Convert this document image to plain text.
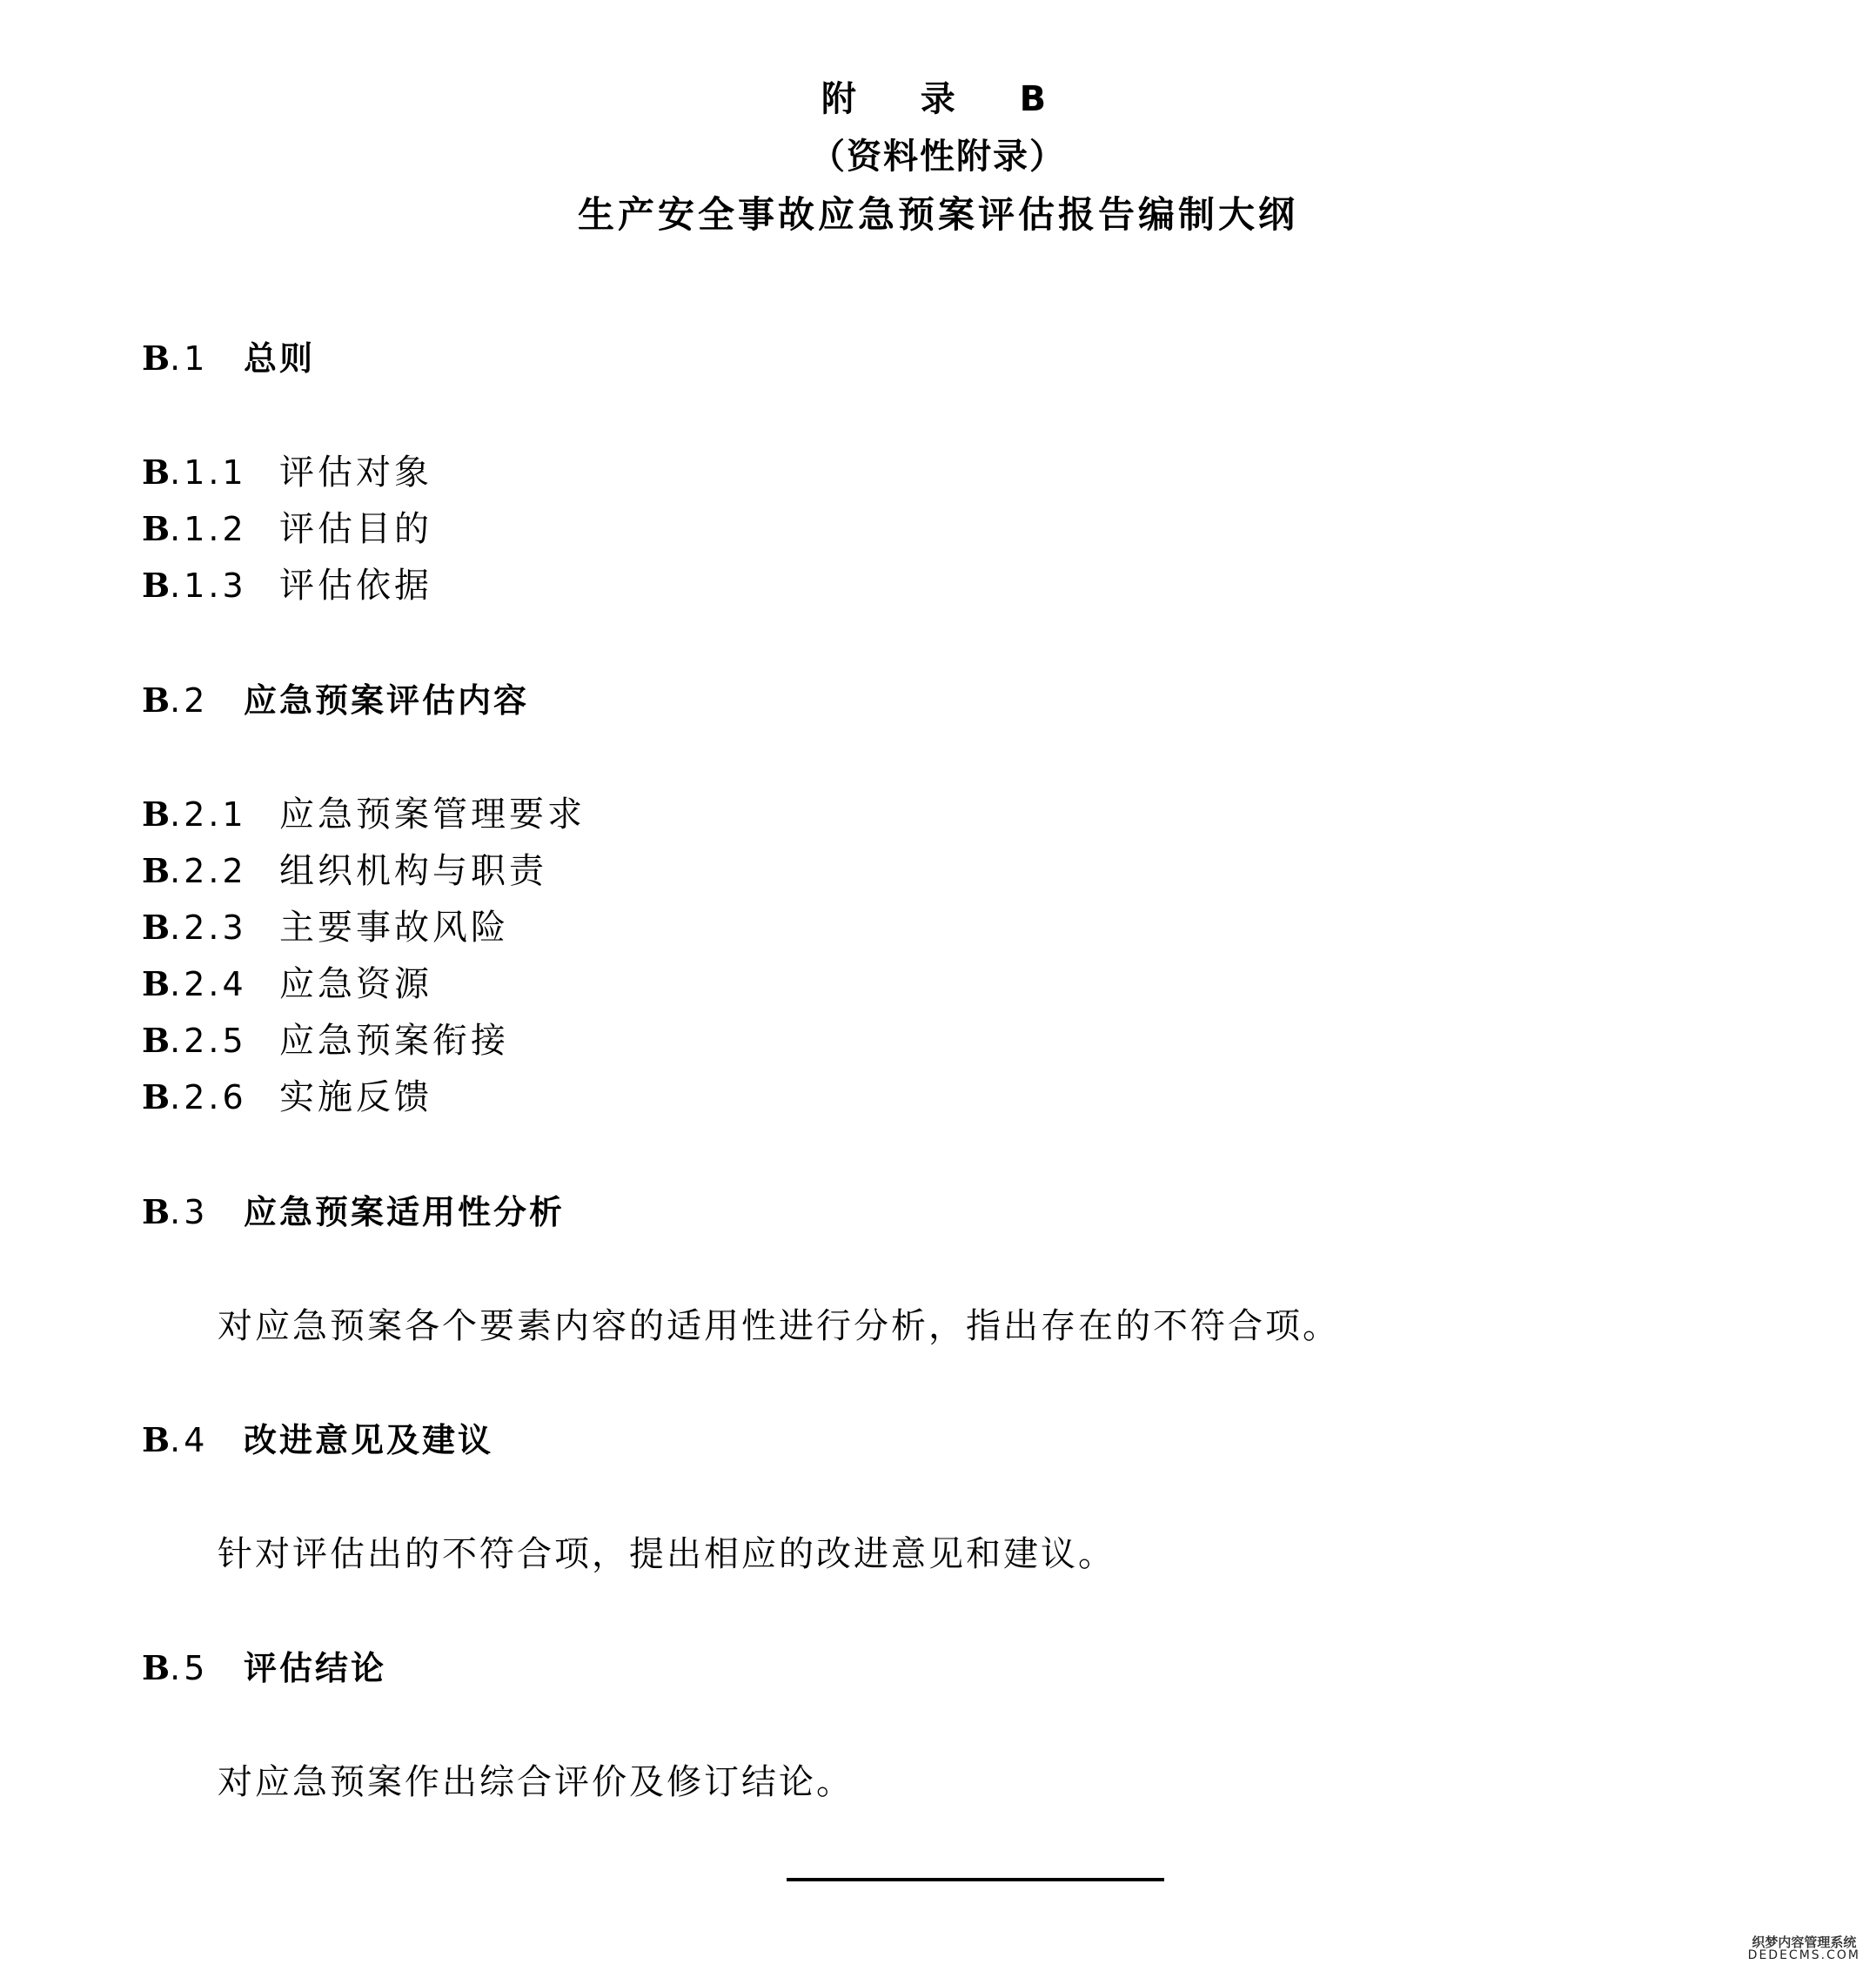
附 录 B
（资料性附录）
生产安全事故应急预案评估报告编制大纲
B.1	总则
B.1.1 评估对象
B.1.2 评估目的
B.1.3 评估依据
B.2	应急预案评估内容
B.2.1 应急预案管理要求
B.2.2 组织机构与职责
B.2.3 主要事故风险
B.2.4 应急资源
B.2.5 应急预案衔接
B.2.6 实施反馈
B.3	应急预案适用性分析
对应急预案各个要素内容的适用性进行分析，指出存在的不符合项。
B.4	改进意见及建议
针对评估出的不符合项，提出相应的改进意见和建议。
B.5	评估结论
对应急预案作出综合评价及修订结论。
织梦内容管理系统
DEDECMS.COM
